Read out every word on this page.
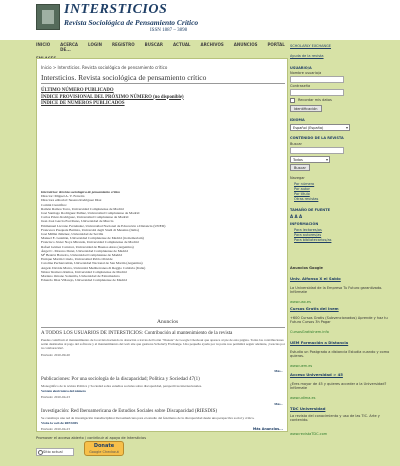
INTERSTICIOS
Revista Sociológica de Pensamiento Crítico
ISSN 1887 – 3898
INICIO	ACERCA DE...
LOGIN	REGISTRO	BUSCAR	ACTUAL	ARCHIVOS	ANUNCIOS	PORTAL
Inicio > Intersticios. Revista sociológica de pensamiento crítico
Intersticios. Revista sociológica de pensamiento crítico
ÚLTIMO NÚMERO PUBLICADO
ÍNDICE PROVISIONAL DEL PRÓXIMO NÚMERO (no disponible)
ÍNDICE DE NÚMEROS PUBLICADOS
Intersticios: Revista sociológica de pensamiento crítico
Director: Miguel A. V. Ferreira
Directora editorial: Susana Rodríguez Díaz
Comité Científico:
Ramón Ramos Torre, Universidad Complutense de Madrid
José Santiago Rodríguez Ibáñez, Universidad Complutense de Madrid
Carlos Prieto Rodríguez, Universidad Complutense de Madrid
Juan José Garcia Escribano, Universidad de Murcia
Emmanuel Lizcano Fernández, Universidad Nacional de Educación a Distancia (UNED)
Francesca Pasquale Battista, Università degli Studi di Messina (Italia)
José Millán Jiménez, Universidad de Sevilla
Manuel E. Guzmán, Universidad Complutense de Madrid (in memoriam)
Francisco Javier Noya Miranda, Universidad Complutense de Madrid
Rafael Gómez Carnicer, Universidad de Buenos Aires (Argentina)
Ángel C. Moreno Duret, Universidad Complutense de Madrid
Mª Beatriz Barreiro, Universidad Complutense de Madrid
Enrique Martín Criado, Universidad Pablo Olavide
Carolina Pecharromán, Universidad Nacional de San Martín (Argentina)
Angelo Davide Marra, Università Mediterranea di Reggio Calabria (Italia)
Néstor Romero Ramos, Universidad Complutense de Madrid
Mariano Ornano Solantila, Universidad de Extremadura
Eduardo Díaz Villarejo, Universidad Complutense de Madrid
Anuncios
A TODOS LOS USUARIOS DE INTERSTICIOS: Contribución al mantenimiento de la revista
Puedes contribuir al mantenimiento de la revista haciendo tu donación a través del botón "Donate" de Google Checkout que aparece al pie de esta página. Todas las contribuciones serán destinadas al pago del software y al mantenimiento del web site que gestiona Scholarly Exchange. Una pequeña ayuda por tu parte nos permitirá seguir adelante, ¡Gracias por tu colaboración!.
Enviado: 2010-09-20
Más...
Publicaciones: Por una sociología de la discapacidad; Política y Sociedad 47(1)
Monográfico de la revista Política y Sociedad sobre estudios sociales sobre discapacidad, perspectivas internacionales.
Versión electrónica del número
Enviado: 2010-04-23
Más...
Investigación: Red Iberoamericana de Estudios Sociales sobre Discapacidad (RIESDIS)
Se constituye una red de investigación transdisciplinar iberoamericana para el estudio del fenómeno de la discapacidad desde una perspectiva social y crítica.
Visita la web de RIESDIS
Enviado: 2010-04-23	Más Anuncios...
Promover el acceso abierto / contribuir al apoyo de Intersticios
Sitio actual
Donate
Google Checkout
SCHOLARLY EXCHANGE
Ayuda de la revista
USUARIO/A
Nombre usuario/a
Contraseña
Recordar mis datos
Identificación
IDIOMA
Español (España)	▾
CONTENIDO DE LA REVISTA
Buscar
Todos	▾
Buscar
Navegar
Por número
Por autor
Por título
Otras revistas
TAMAÑO DE FUENTE
A A A
INFORMACIÓN
Para lectores/as
Para autores/as
Para bibliotecarios/as
Anuncios Google
Univ. Alfonso X el Sabio
La Universidad de la Empresa Tu Futuro garantizado. Infórmate
www.uax.es
Cursos Gratis del Inem
+600 Cursos Gratis (Subvencionados) Aprende y haz tu Futuro Cursos 3h Pagar
CursosGratisInem.info
UEM Formación a Distancia
Estudia un Postgrado a distancia Estudia cuando y como quieras.
www.uem.es
Acceso Universidad > 45
¿Eres mayor de 45 y quieres acceder a la Universidad? Infórmate
www.udima.es
TDC Universidad
La revista del conocimiento y uso de las TIC. Arte y contenido.
www.revistaTDC.com
